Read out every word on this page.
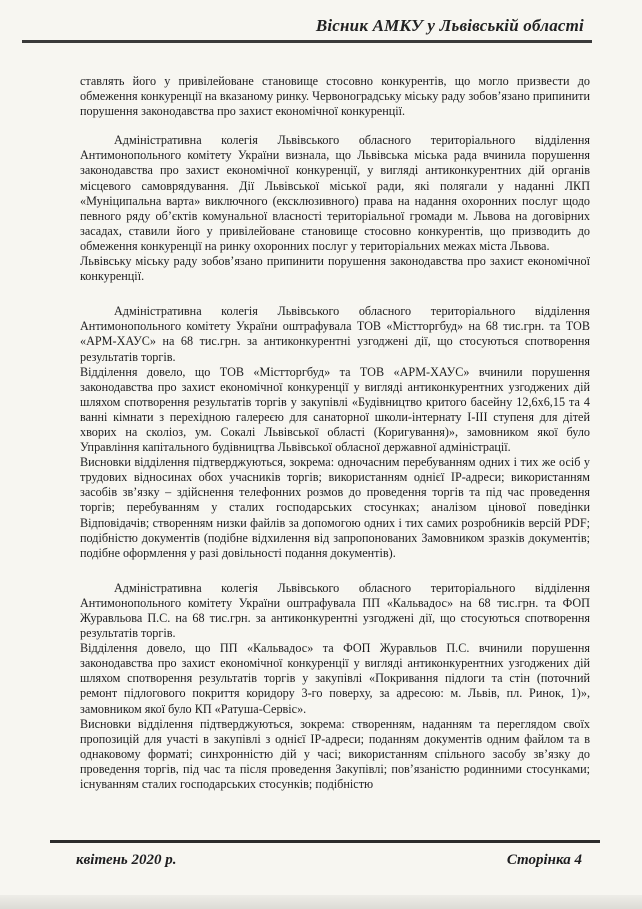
Вісник АМКУ у Львівській області

ставлять його у привілейоване становище стосовно конкурентів, що могло призвести до обмеження конкуренції на вказаному ринку. Червоноградську міську раду зобов’язано припинити порушення законодавства про захист економічної конкуренції.

Адміністративна колегія Львівського обласного територіального відділення Антимонопольного комітету України визнала, що Львівська міська рада вчинила порушення законодавства про захист економічної конкуренції, у вигляді антиконкурентних дій органів місцевого самоврядування. Дії Львівської міської ради, які полягали у наданні ЛКП «Муніципальна варта» виключного (ексклюзивного) права на надання охоронних послуг щодо певного ряду об’єктів комунальної власності територіальної громади м. Львова на договірних засадах, ставили його у привілейоване становище стосовно конкурентів, що призводить до обмеження конкуренції на ринку охоронних послуг у територіальних межах міста Львова.

Львівську міську раду зобов’язано припинити порушення законодавства про захист економічної конкуренції.

Адміністративна колегія Львівського обласного територіального відділення Антимонопольного комітету України оштрафувала ТОВ «Містторгбуд» на 68 тис.грн. та ТОВ «АРМ-ХАУС» на 68 тис.грн. за антиконкурентні узгоджені дії, що стосуються спотворення результатів торгів.

Відділення довело, що ТОВ «Містторгбуд» та ТОВ «АРМ-ХАУС» вчинили порушення законодавства про захист економічної конкуренції у вигляді антиконкурентних узгоджених дій шляхом спотворення результатів торгів у закупівлі «Будівництво критого басейну 12,6х6,15 та 4 ванні кімнати з перехідною галереєю для санаторної школи-інтернату І-ІІІ ступеня для дітей хворих на сколіоз, ум. Сокалі Львівської області (Коригування)», замовником якої було Управління капітального будівництва Львівської обласної державної адміністрації.

Висновки відділення підтверджуються, зокрема: одночасним перебуванням одних і тих же осіб у трудових відносинах обох учасників торгів; використанням однієї ІР-адреси; використанням засобів зв’язку – здійснення телефонних розмов до проведення торгів та під час проведення торгів; перебуванням у сталих господарських стосунках; аналізом цінової поведінки Відповідачів; створенням низки файлів за допомогою одних і тих самих розробників версій PDF; подібністю документів (подібне відхилення від запропонованих Замовником зразків документів; подібне оформлення у разі довільності подання документів).

Адміністративна колегія Львівського обласного територіального відділення Антимонопольного комітету України оштрафувала ПП «Кальвадос» на 68 тис.грн. та ФОП Журавльова П.С. на 68 тис.грн. за антиконкурентні узгоджені дії, що стосуються спотворення результатів торгів.

Відділення довело, що ПП «Кальвадос» та ФОП Журавльов П.С. вчинили порушення законодавства про захист економічної конкуренції у вигляді антиконкурентних узгоджених дій шляхом спотворення результатів торгів у закупівлі «Покривання підлоги та стін (поточний ремонт підлогового покриття коридору 3-го поверху, за адресою: м. Львів, пл. Ринок, 1)», замовником якої було КП «Ратуша-Сервіс».

Висновки відділення підтверджуються, зокрема: створенням, наданням та переглядом своїх пропозицій для участі в закупівлі з однієї ІР-адреси; поданням документів одним файлом та в однаковому форматі; синхронністю дій у часі; використанням спільного засобу зв’язку до проведення торгів, під час та після проведення Закупівлі; пов’язаністю родинними стосунками; існуванням сталих господарських стосунків; подібністю

квітень 2020 р.	Сторінка 4
